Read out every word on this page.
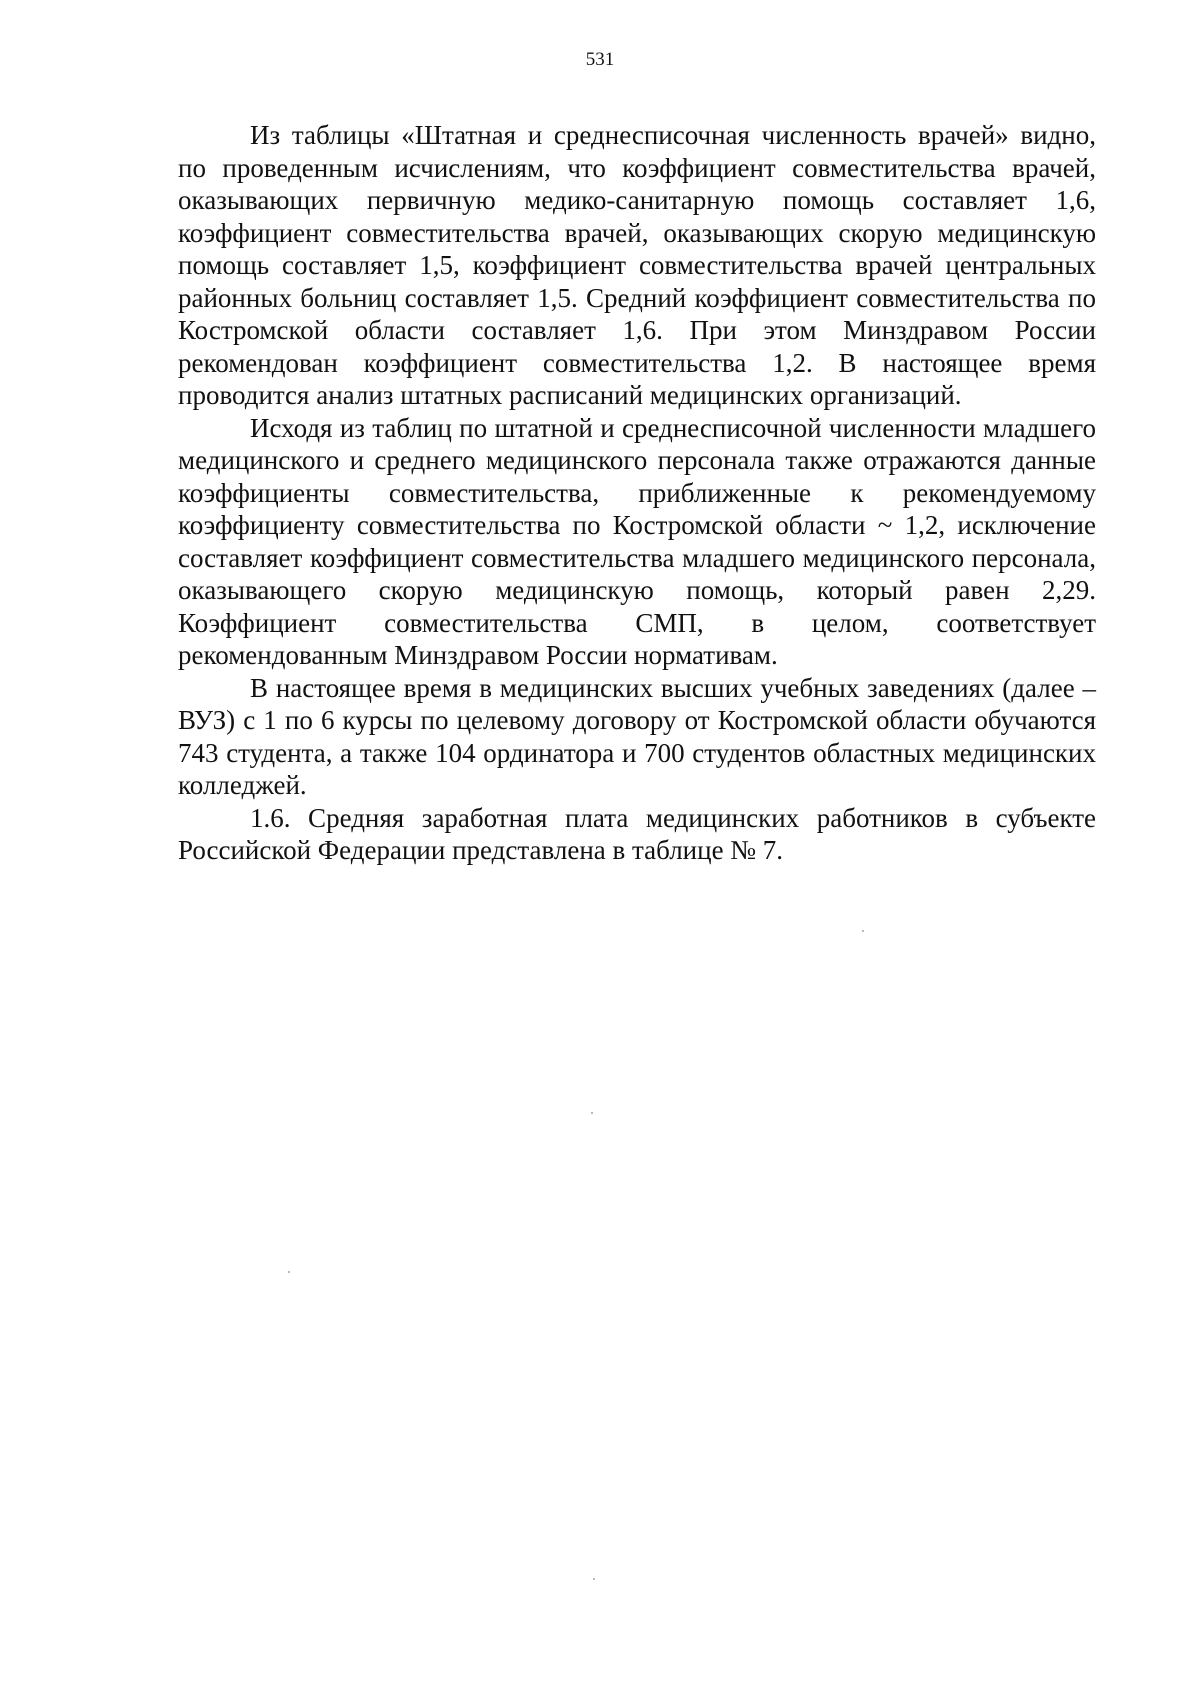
531

Из таблицы «Штатная и среднесписочная численность врачей» видно, по проведенным исчислениям, что коэффициент совместительства врачей, оказывающих первичную медико-санитарную помощь составляет 1,6, коэффициент совместительства врачей, оказывающих скорую медицинскую помощь составляет 1,5, коэффициент совместительства врачей центральных районных больниц составляет 1,5. Средний коэффициент совместительства по Костромской области составляет 1,6. При этом Минздравом России рекомендован коэффициент совместительства 1,2. В настоящее время проводится анализ штатных расписаний медицинских организаций.

Исходя из таблиц по штатной и среднесписочной численности младшего медицинского и среднего медицинского персонала также отражаются данные коэффициенты совместительства, приближенные к рекомендуемому коэффициенту совместительства по Костромской области ~ 1,2, исключение составляет коэффициент совместительства младшего медицинского персонала, оказывающего скорую медицинскую помощь, который равен 2,29. Коэффициент совместительства СМП, в целом, соответствует рекомендованным Минздравом России нормативам.

В настоящее время в медицинских высших учебных заведениях (далее – ВУЗ) с 1 по 6 курсы по целевому договору от Костромской области обучаются 743 студента, а также 104 ординатора и 700 студентов областных медицинских колледжей.

1.6. Средняя заработная плата медицинских работников в субъекте Российской Федерации представлена в таблице № 7.
